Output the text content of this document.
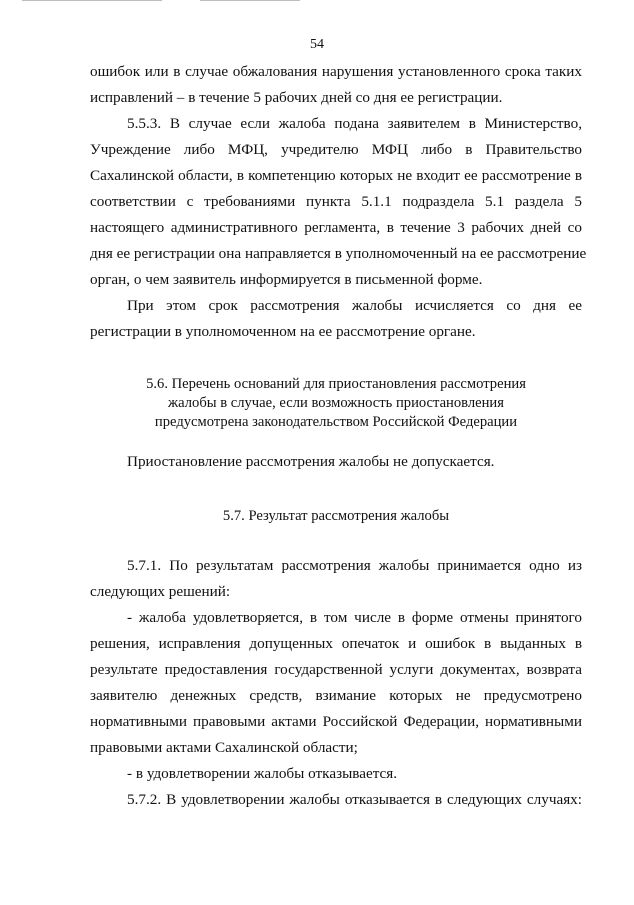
54
ошибок или в случае обжалования нарушения установленного срока таких
исправлений – в течение 5 рабочих дней со дня ее регистрации.
5.5.3. В случае если жалоба подана заявителем в Министерство,
Учреждение либо МФЦ, учредителю МФЦ либо в Правительство
Сахалинской области, в компетенцию которых не входит ее рассмотрение в
соответствии с требованиями пункта 5.1.1 подраздела 5.1 раздела 5
настоящего административного регламента, в течение 3 рабочих дней со
дня ее регистрации она направляется в уполномоченный на ее рассмотрение
орган, о чем заявитель информируется в письменной форме.
При этом срок рассмотрения жалобы исчисляется со дня ее
регистрации в уполномоченном на ее рассмотрение органе.
5.6. Перечень оснований для приостановления рассмотрения
жалобы в случае, если возможность приостановления
предусмотрена законодательством Российской Федерации
Приостановление рассмотрения жалобы не допускается.
5.7. Результат рассмотрения жалобы
5.7.1. По результатам рассмотрения жалобы принимается одно из
следующих решений:
- жалоба удовлетворяется, в том числе в форме отмены принятого
решения, исправления допущенных опечаток и ошибок в выданных в
результате предоставления государственной услуги документах, возврата
заявителю денежных средств, взимание которых не предусмотрено
нормативными правовыми актами Российской Федерации, нормативными
правовыми актами Сахалинской области;
- в удовлетворении жалобы отказывается.
5.7.2. В удовлетворении жалобы отказывается в следующих случаях:
